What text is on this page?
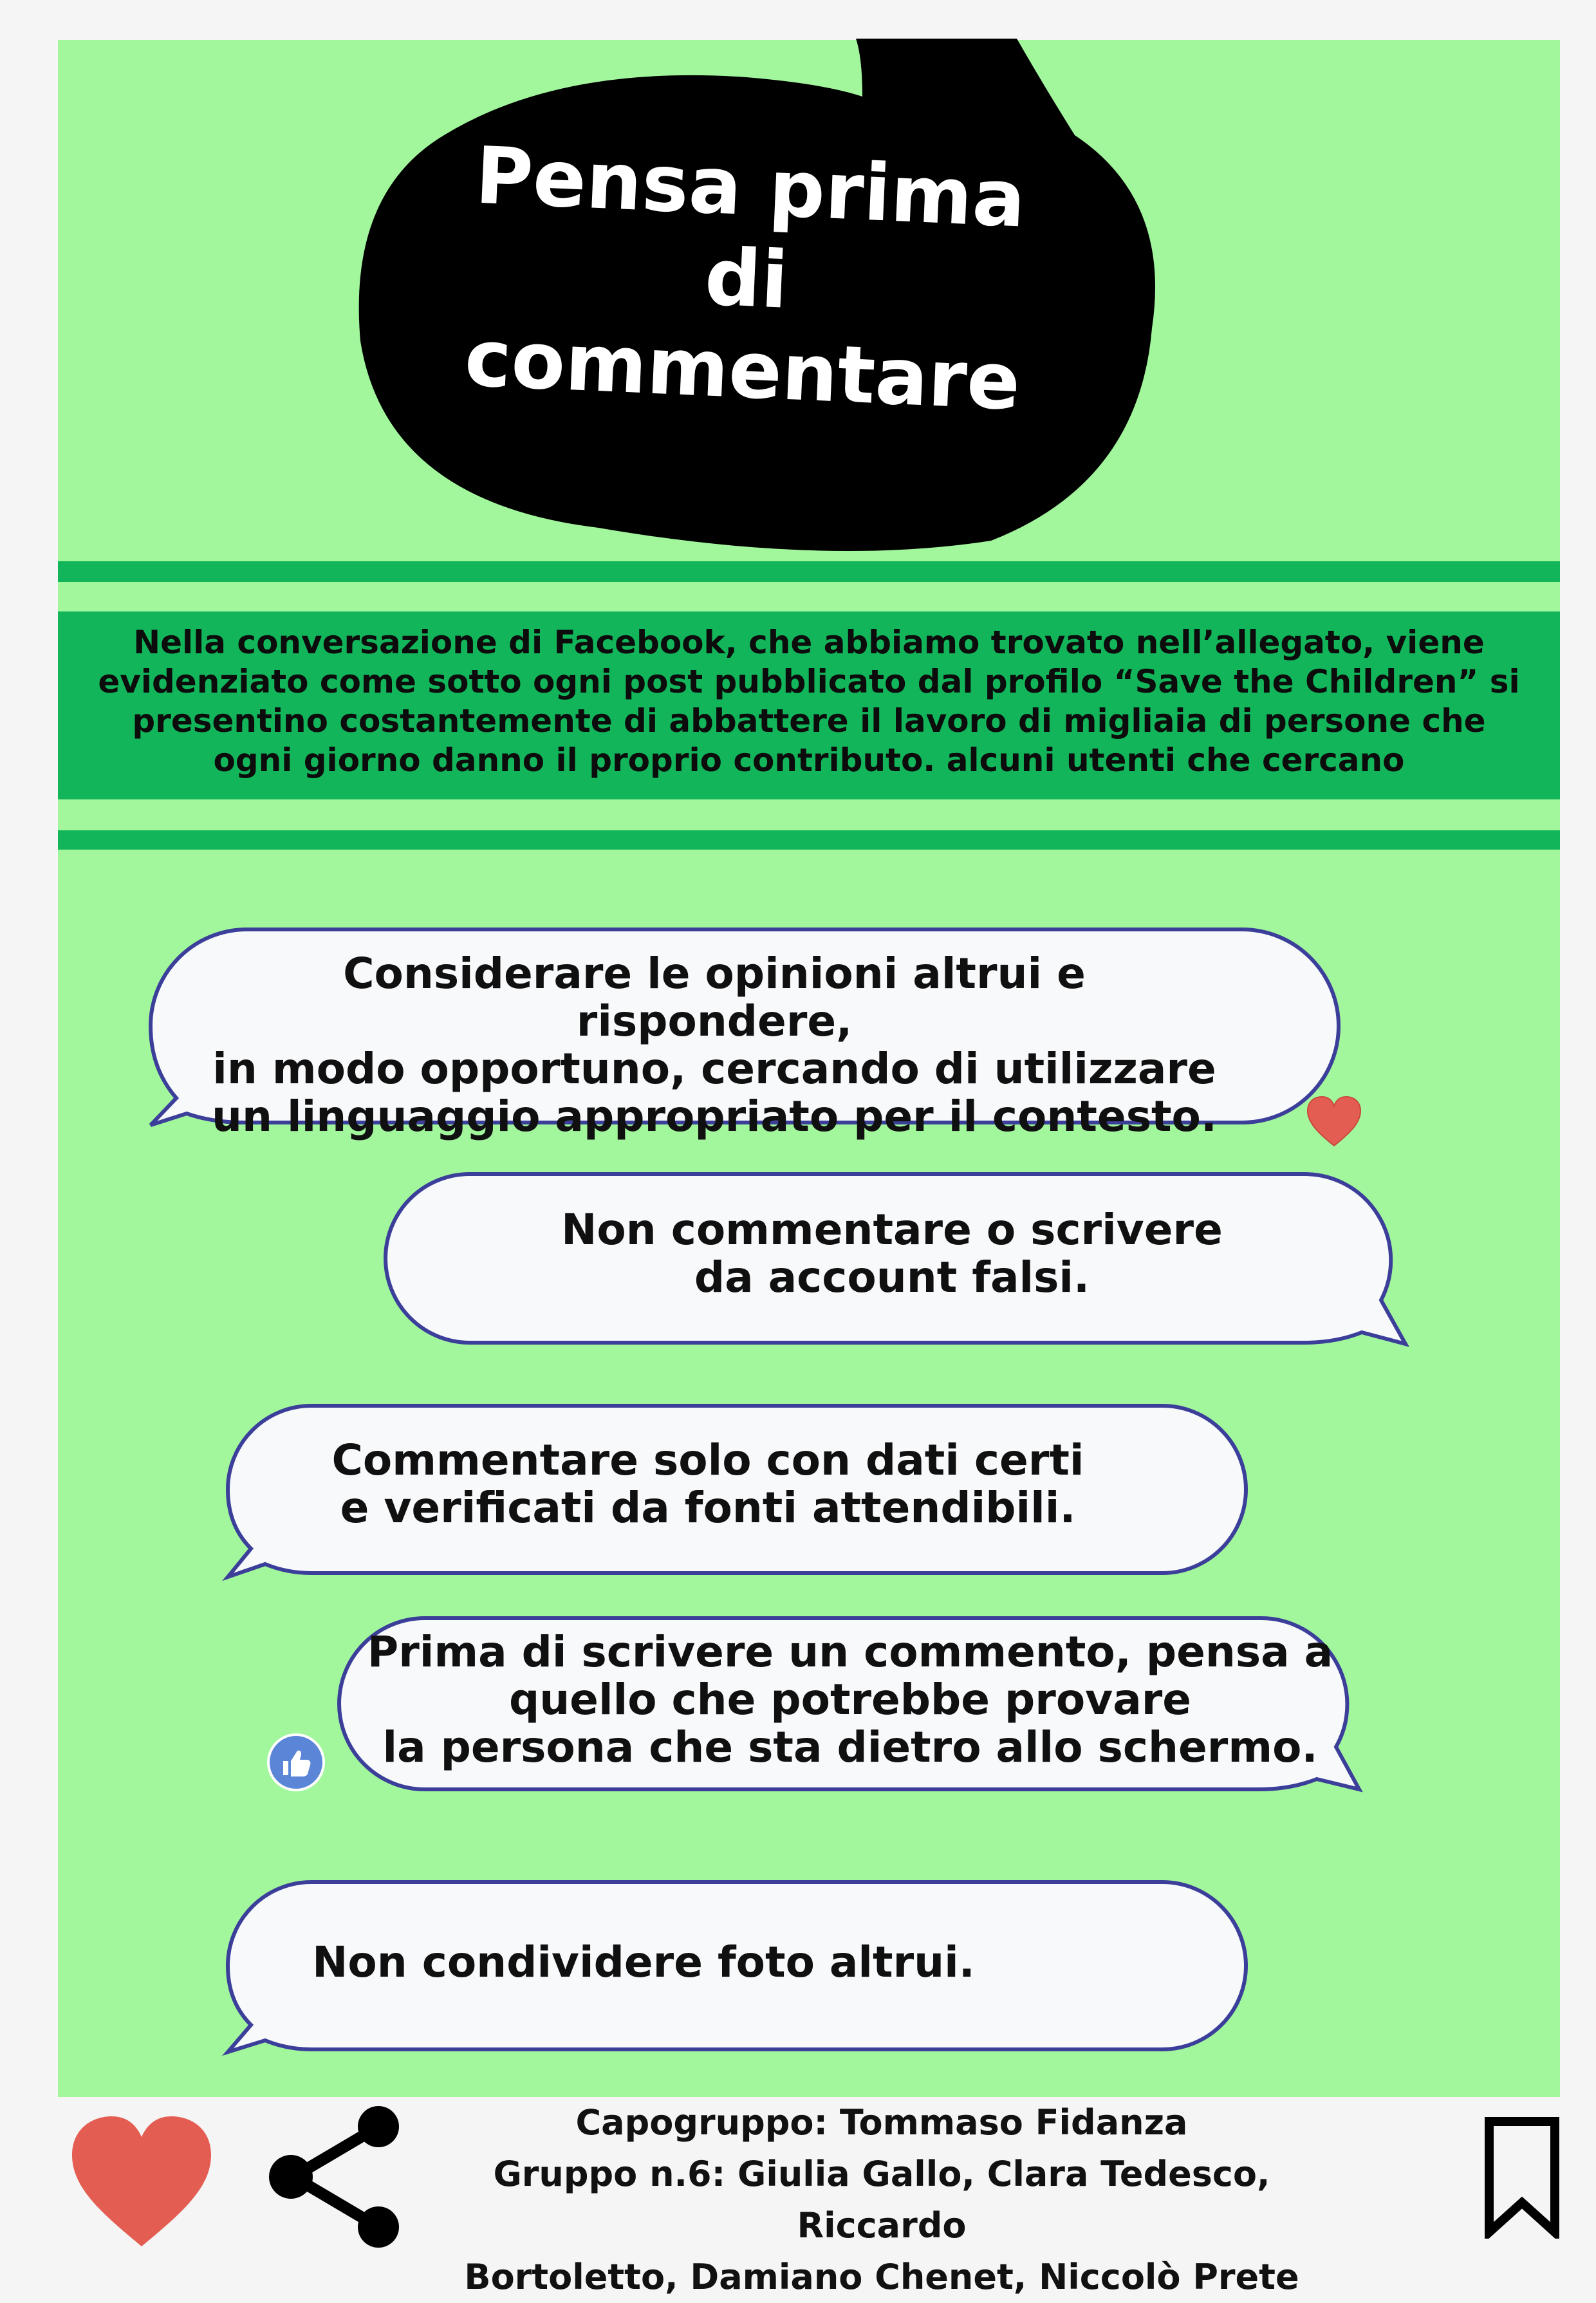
Pensa prima
di
commentare
Nella conversazione di Facebook, che abbiamo trovato nell’allegato, viene evidenziato come sotto ogni post pubblicato dal profilo “Save the Children” si presentino costantemente di abbattere il lavoro di migliaia di persone che ogni giorno danno il proprio contributo. alcuni utenti che cercano
Considerare le opinioni altrui e rispondere,
in modo opportuno, cercando di utilizzare
un linguaggio appropriato per il contesto.
Non commentare o scrivere
da account falsi.
Commentare solo con dati certi
e verificati da fonti attendibili.
Prima di scrivere un commento, pensa a
quello che potrebbe provare
la persona che sta dietro allo schermo.
Non condividere foto altrui.
Capogruppo: Tommaso Fidanza
Gruppo n.6: Giulia Gallo, Clara Tedesco, Riccardo
Bortoletto, Damiano Chenet, Niccolò Prete
